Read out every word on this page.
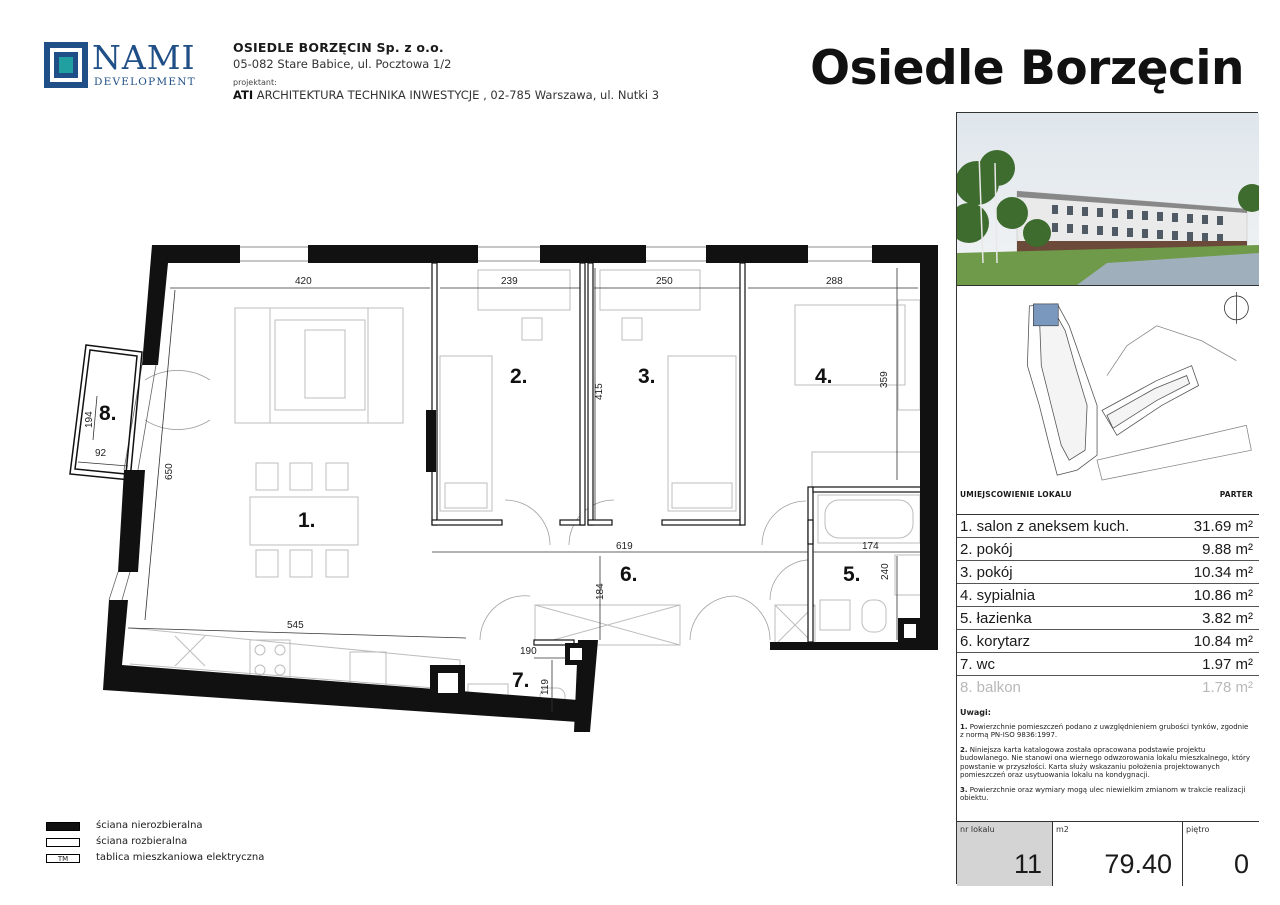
NAMI
DEVELOPMENT
OSIEDLE BORZĘCIN Sp. z o.o.
05-082 Stare Babice, ul. Pocztowa 1/2
projektant:
ATI ARCHITEKTURA TECHNIKA INWESTYCJE , 02-785 Warszawa, ul. Nutki 3	Osiedle Borzęcin
420	239	250	288
359
415
650
194
92
545
619	174
240
184
190
119
1.
2.	3.	4.
5.
6.
7.
8.
ściana nierozbieralna
ściana rozbieralna
TM	tablica mieszkaniowa elektryczna
UMIEJSCOWIENIE LOKALU	PARTER
1. salon z aneksem kuch.	31.69 m²
2. pokój	9.88 m²
3. pokój	10.34 m²
4. sypialnia	10.86 m²
5. łazienka	3.82 m²
6. korytarz	10.84 m²
7. wc	1.97 m²
8. balkon	1.78 m²
Uwagi:
1. Powierzchnie pomieszczeń podano z uwzględnieniem grubości tynków, zgodnie z normą PN-ISO 9836:1997.
2. Niniejsza karta katalogowa została opracowana podstawie projektu budowlanego. Nie stanowi ona wiernego odwzorowania lokalu mieszkalnego, który powstanie w przyszłości. Karta służy wskazaniu położenia projektowanych pomieszczeń oraz usytuowania lokalu na kondygnacji.
3. Powierzchnie oraz wymiary mogą ulec niewielkim zmianom w trakcie realizacji obiektu.
nr lokalu
11
m2
79.40
piętro
0
